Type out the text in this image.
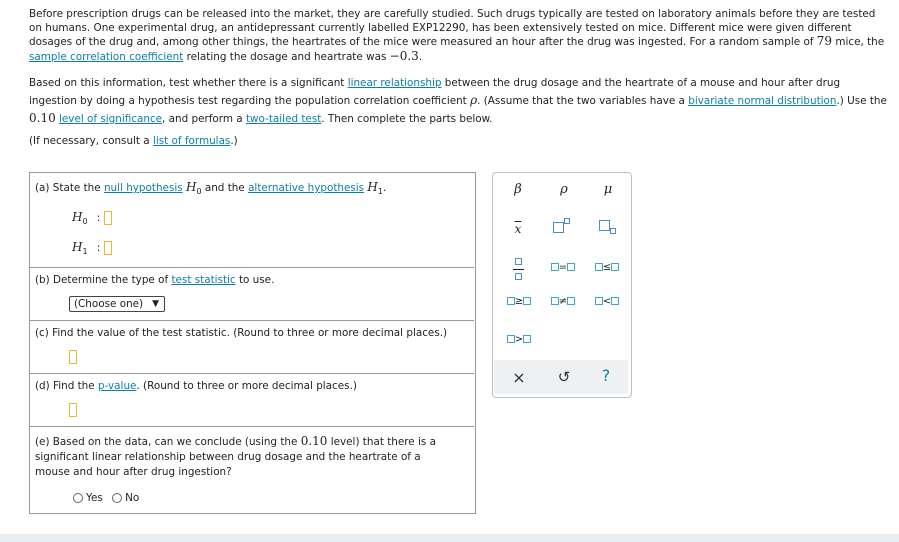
Before prescription drugs can be released into the market, they are carefully studied. Such drugs typically are tested on laboratory animals before they are tested on humans. One experimental drug, an antidepressant currently labelled EXP12290, has been extensively tested on mice. Different mice were given different dosages of the drug and, among other things, the heartrates of the mice were measured an hour after the drug was ingested. For a random sample of 79 mice, the sample correlation coefficient relating the dosage and heartrate was −0.3.
Based on this information, test whether there is a significant linear relationship between the drug dosage and the heartrate of a mouse and hour after drug ingestion by doing a hypothesis test regarding the population correlation coefficient ρ. (Assume that the two variables have a bivariate normal distribution.) Use the 0.10 level of significance, and perform a two-tailed test. Then complete the parts below.
(If necessary, consult a list of formulas.)
(a) State the null hypothesis $H_0$ and the alternative hypothesis $H_1$.
$H_0$ :
$H_1$ :
(b) Determine the type of test statistic to use.
(Choose one) ▼
(c) Find the value of the test statistic. (Round to three or more decimal places.)
(d) Find the p-value. (Round to three or more decimal places.)
(e) Based on the data, can we conclude (using the 0.10 level) that there is a significant linear relationship between drug dosage and the heartrate of a mouse and hour after drug ingestion?
Yes No
β	ρ	μ
$\overline{x}$
=	≤
≥	≠	<
>
× ↺	?
